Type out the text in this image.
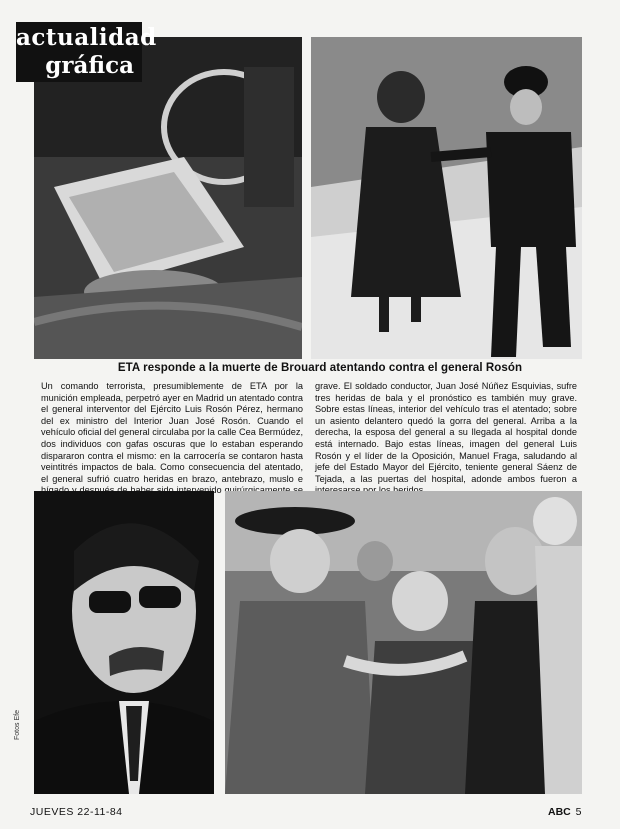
actualidad
gráfica
ETA responde a la muerte de Brouard atentando contra el general Rosón

Un comando terrorista, presumiblemente de ETA por la munición empleada, perpetró ayer en Madrid un atentado contra el general interventor del Ejército Luis Rosón Pérez, hermano del ex ministro del Interior Juan José Rosón. Cuando el vehículo oficial del general circulaba por la calle Cea Bermúdez, dos individuos con gafas oscuras que lo estaban esperando dispararon contra el mismo: en la carrocería se contaron hasta veintitrés impactos de bala. Como consecuencia del atentado, el general sufrió cuatro heridas en brazo, antebrazo, muslo e

grave. El soldado conductor, Juan José Núñez Esquivias, sufre tres heridas de bala y el pronóstico es también muy grave. Sobre estas líneas, interior del vehículo tras el atentado; sobre un asiento delantero quedó la gorra del general. Arriba a la derecha, la esposa del general a su llegada al hospital donde está internado. Bajo estas líneas, imagen del general Luis Rosón y el líder de la Oposición, Manuel Fraga, saludando al jefe del Estado Mayor del Ejército, teniente general Sáenz de Tejada, a las puertas del hospital, adonde ambos fueron a

Fotos Efe
JUEVES 22-11-84	ABC 5
